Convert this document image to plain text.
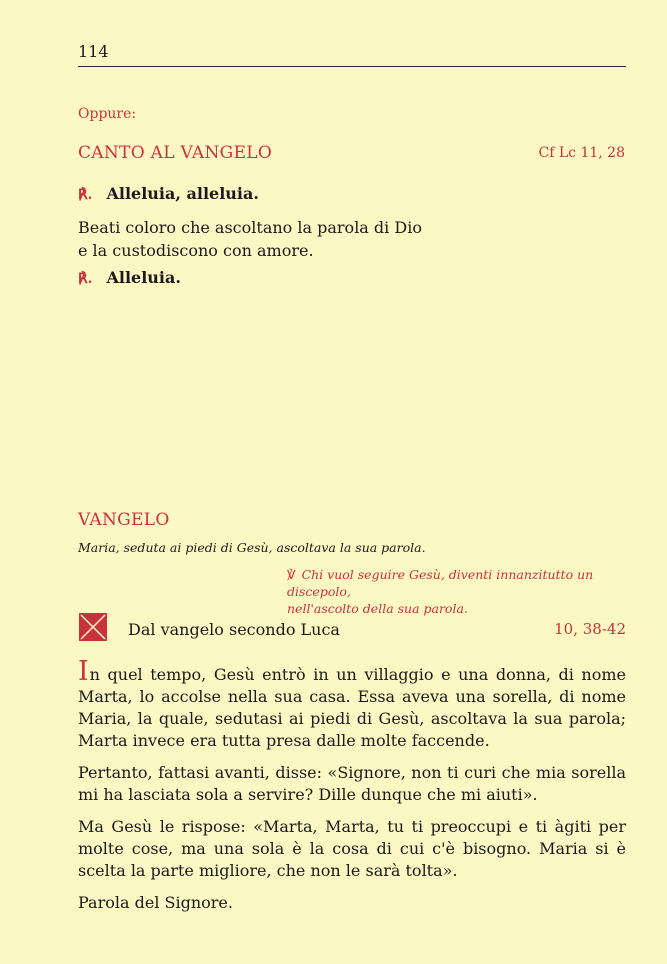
114
Oppure:
CANTO AL VANGELO	Cf Lc 11, 28
℟. Alleluia, alleluia.
Beati coloro che ascoltano la parola di Dio
e la custodiscono con amore.
℟. Alleluia.
VANGELO
Maria, seduta ai piedi di Gesù, ascoltava la sua parola.
℣ Chi vuol seguire Gesù, diventi innanzitutto un discepolo,
nell'ascolto della sua parola.
Dal vangelo secondo Luca	10, 38-42

In quel tempo, Gesù entrò in un villaggio e una donna, di nome Marta, lo accolse nella sua casa. Essa aveva una sorella, di nome Maria, la quale, sedutasi ai piedi di Gesù, ascoltava la sua parola; Marta invece era tutta presa dalle molte faccende.

Pertanto, fattasi avanti, disse: «Signore, non ti curi che mia sorella mi ha lasciata sola a servire? Dille dunque che mi aiuti».

Ma Gesù le rispose: «Marta, Marta, tu ti preoccupi e ti àgiti per molte cose, ma una sola è la cosa di cui c'è bisogno. Maria si è scelta la parte migliore, che non le sarà tolta».

Parola del Signore.
